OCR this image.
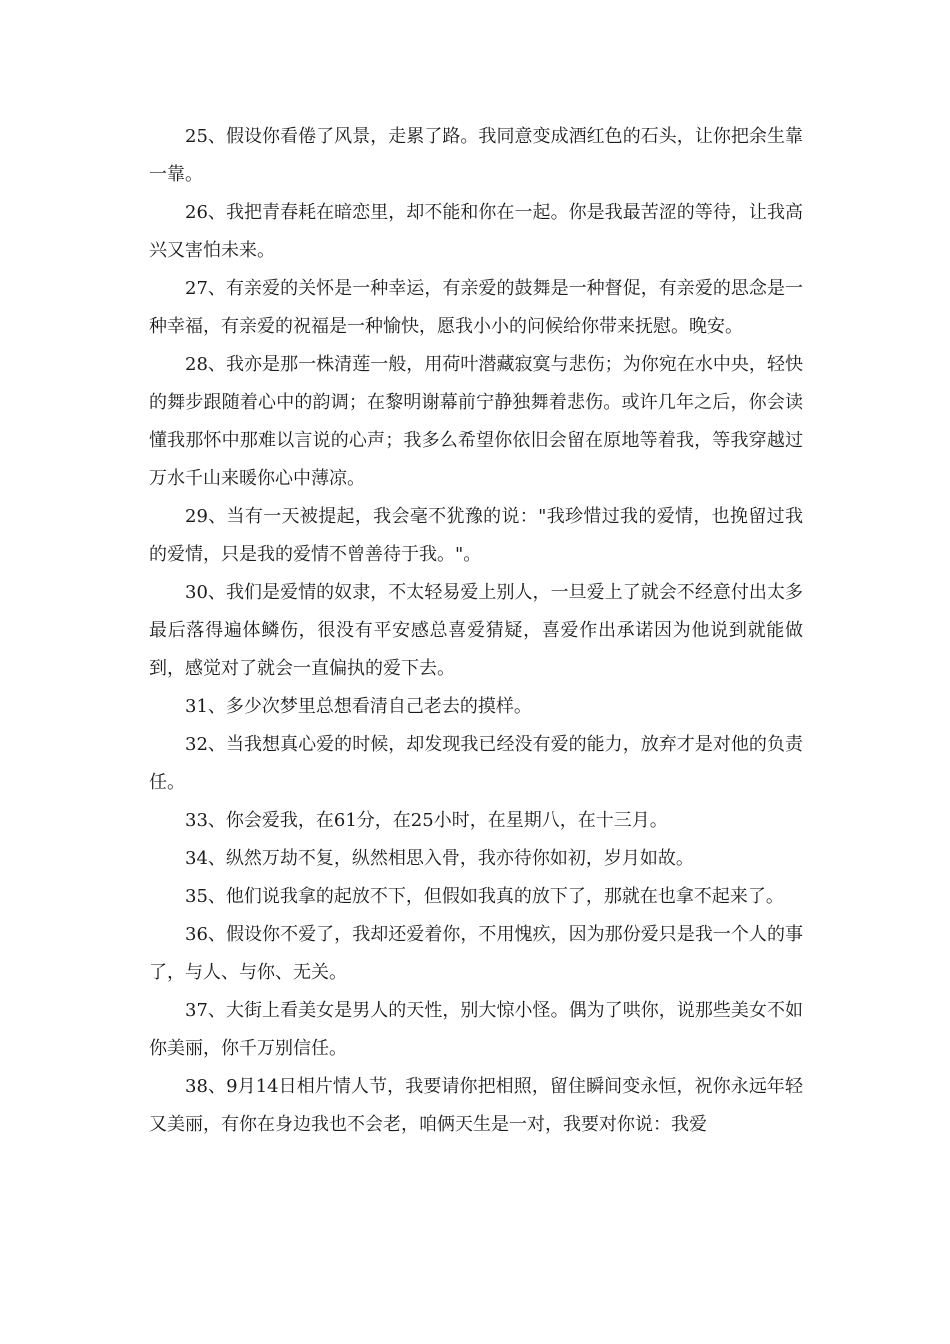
25、假设你看倦了风景，走累了路。我同意变成酒红色的石头，让你把余生靠一靠。

26、我把青春耗在暗恋里，却不能和你在一起。你是我最苦涩的等待，让我高兴又害怕未来。

27、有亲爱的关怀是一种幸运，有亲爱的鼓舞是一种督促，有亲爱的思念是一种幸福，有亲爱的祝福是一种愉快，愿我小小的问候给你带来抚慰。晚安。

28、我亦是那一株清莲一般，用荷叶潜藏寂寞与悲伤；为你宛在水中央，轻快的舞步跟随着心中的韵调；在黎明谢幕前宁静独舞着悲伤。或许几年之后，你会读懂我那怀中那难以言说的心声；我多么希望你依旧会留在原地等着我，等我穿越过万水千山来暖你心中薄凉。

29、当有一天被提起，我会毫不犹豫的说："我珍惜过我的爱情，也挽留过我的爱情，只是我的爱情不曾善待于我。"。

30、我们是爱情的奴隶，不太轻易爱上别人，一旦爱上了就会不经意付出太多最后落得遍体鳞伤，很没有平安感总喜爱猜疑，喜爱作出承诺因为他说到就能做到，感觉对了就会一直偏执的爱下去。

31、多少次梦里总想看清自己老去的摸样。

32、当我想真心爱的时候，却发现我已经没有爱的能力，放弃才是对他的负责任。

33、你会爱我，在61分，在25小时，在星期八，在十三月。

34、纵然万劫不复，纵然相思入骨，我亦待你如初，岁月如故。

35、他们说我拿的起放不下，但假如我真的放下了，那就在也拿不起来了。

36、假设你不爱了，我却还爱着你，不用愧疚，因为那份爱只是我一个人的事了，与人、与你、无关。

37、大街上看美女是男人的天性，别大惊小怪。偶为了哄你，说那些美女不如你美丽，你千万别信任。

38、9月14日相片情人节，我要请你把相照，留住瞬间变永恒，祝你永远年轻又美丽，有你在身边我也不会老，咱俩天生是一对，我要对你说：我爱
